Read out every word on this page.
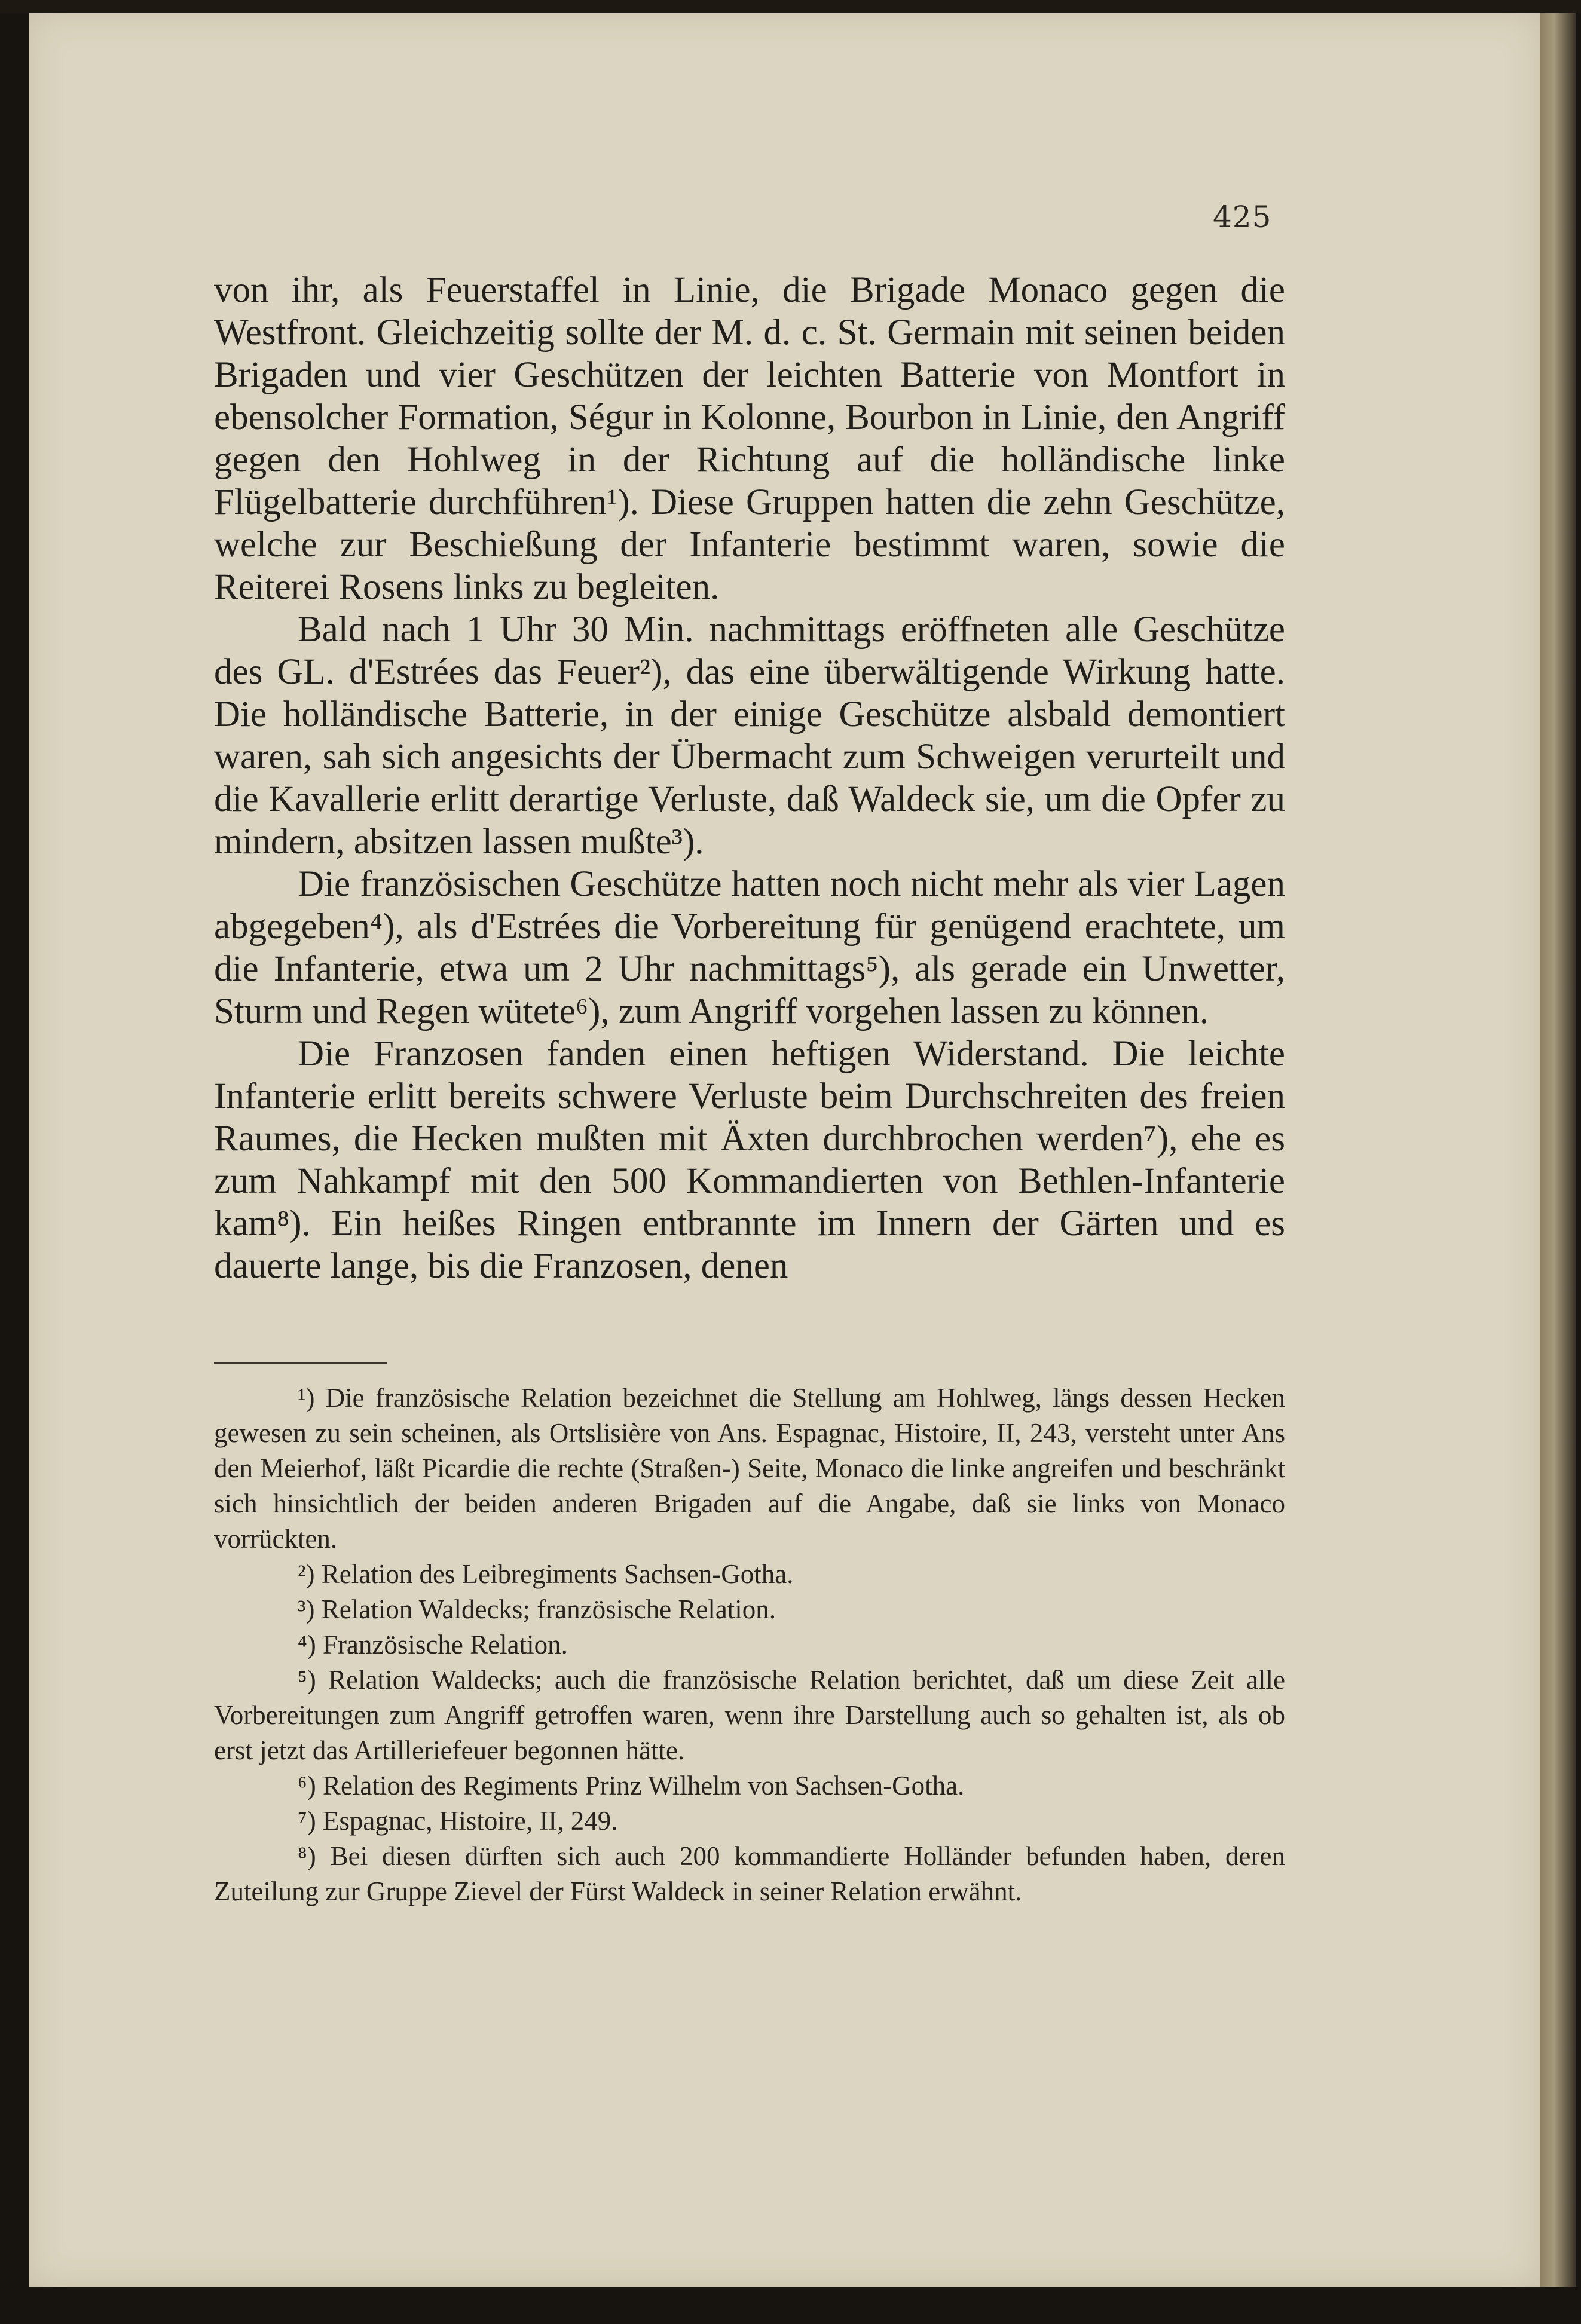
425

von ihr, als Feuerstaffel in Linie, die Brigade Monaco gegen die Westfront. Gleichzeitig sollte der M. d. c. St. Germain mit seinen beiden Brigaden und vier Geschützen der leichten Batterie von Montfort in ebensolcher Formation, Ségur in Kolonne, Bourbon in Linie, den Angriff gegen den Hohlweg in der Richtung auf die holländische linke Flügelbatterie durchführen¹). Diese Gruppen hatten die zehn Geschütze, welche zur Beschießung der Infanterie bestimmt waren, sowie die Reiterei Rosens links zu begleiten.

Bald nach 1 Uhr 30 Min. nachmittags eröffneten alle Geschütze des GL. d'Estrées das Feuer²), das eine überwältigende Wirkung hatte. Die holländische Batterie, in der einige Geschütze alsbald demontiert waren, sah sich angesichts der Übermacht zum Schweigen verurteilt und die Kavallerie erlitt derartige Verluste, daß Waldeck sie, um die Opfer zu mindern, absitzen lassen mußte³).

Die französischen Geschütze hatten noch nicht mehr als vier Lagen abgegeben⁴), als d'Estrées die Vorbereitung für genügend erachtete, um die Infanterie, etwa um 2 Uhr nachmittags⁵), als gerade ein Unwetter, Sturm und Regen wütete⁶), zum Angriff vorgehen lassen zu können.

Die Franzosen fanden einen heftigen Widerstand. Die leichte Infanterie erlitt bereits schwere Verluste beim Durchschreiten des freien Raumes, die Hecken mußten mit Äxten durchbrochen werden⁷), ehe es zum Nahkampf mit den 500 Kommandierten von Bethlen-Infanterie kam⁸). Ein heißes Ringen entbrannte im Innern der Gärten und es dauerte lange, bis die Franzosen, denen

¹) Die französische Relation bezeichnet die Stellung am Hohlweg, längs dessen Hecken gewesen zu sein scheinen, als Ortslisière von Ans. Espagnac, Histoire, II, 243, versteht unter Ans den Meierhof, läßt Picardie die rechte (Straßen-) Seite, Monaco die linke angreifen und beschränkt sich hinsichtlich der beiden anderen Brigaden auf die Angabe, daß sie links von Monaco vorrückten.

²) Relation des Leibregiments Sachsen-Gotha.

³) Relation Waldecks; französische Relation.

⁴) Französische Relation.

⁵) Relation Waldecks; auch die französische Relation berichtet, daß um diese Zeit alle Vorbereitungen zum Angriff getroffen waren, wenn ihre Darstellung auch so gehalten ist, als ob erst jetzt das Artilleriefeuer begonnen hätte.

⁶) Relation des Regiments Prinz Wilhelm von Sachsen-Gotha.

⁷) Espagnac, Histoire, II, 249.

⁸) Bei diesen dürften sich auch 200 kommandierte Holländer befunden haben, deren Zuteilung zur Gruppe Zievel der Fürst Waldeck in seiner Relation erwähnt.
